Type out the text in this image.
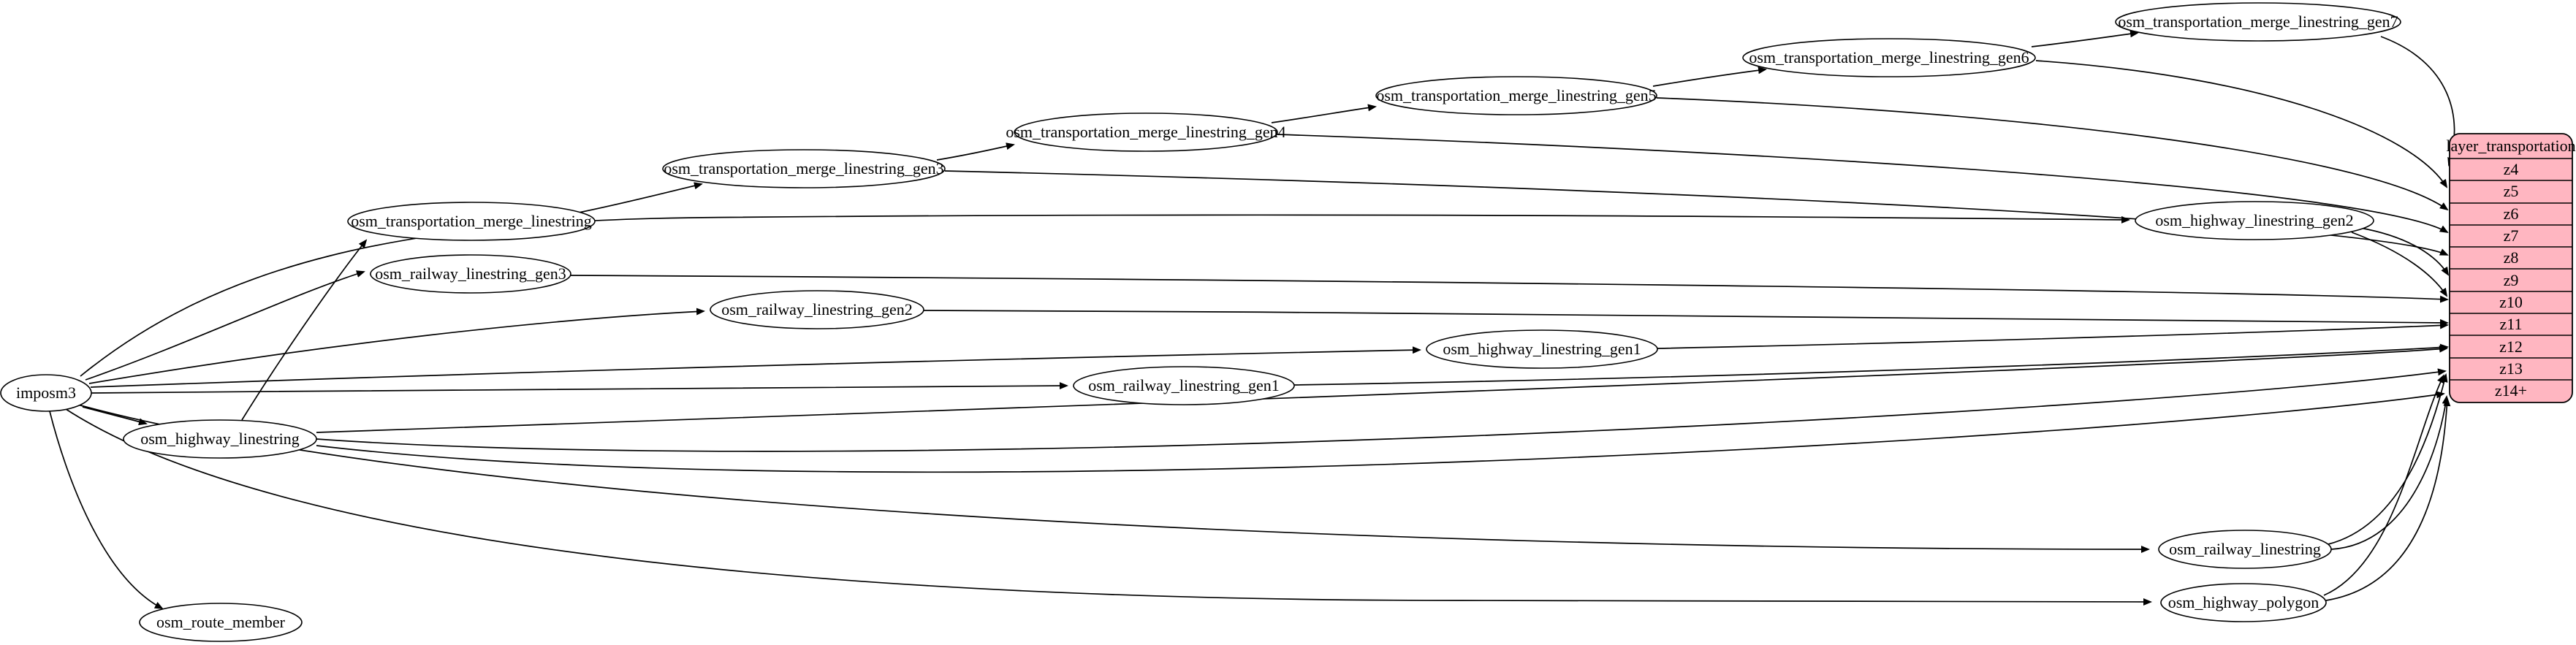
imposm3
osm_highway_linestring
osm_route_member
osm_transportation_merge_linestring
osm_railway_linestring_gen3
osm_railway_linestring_gen2
osm_railway_linestring_gen1
osm_transportation_merge_linestring_gen3
osm_transportation_merge_linestring_gen4
osm_transportation_merge_linestring_gen5
osm_transportation_merge_linestring_gen6
osm_transportation_merge_linestring_gen7
osm_highway_linestring_gen1
osm_highway_linestring_gen2
osm_railway_linestring
osm_highway_polygon
layer_transportation
z4
z5
z6
z7
z8
z9
z10
z11
z12
z13
z14+
